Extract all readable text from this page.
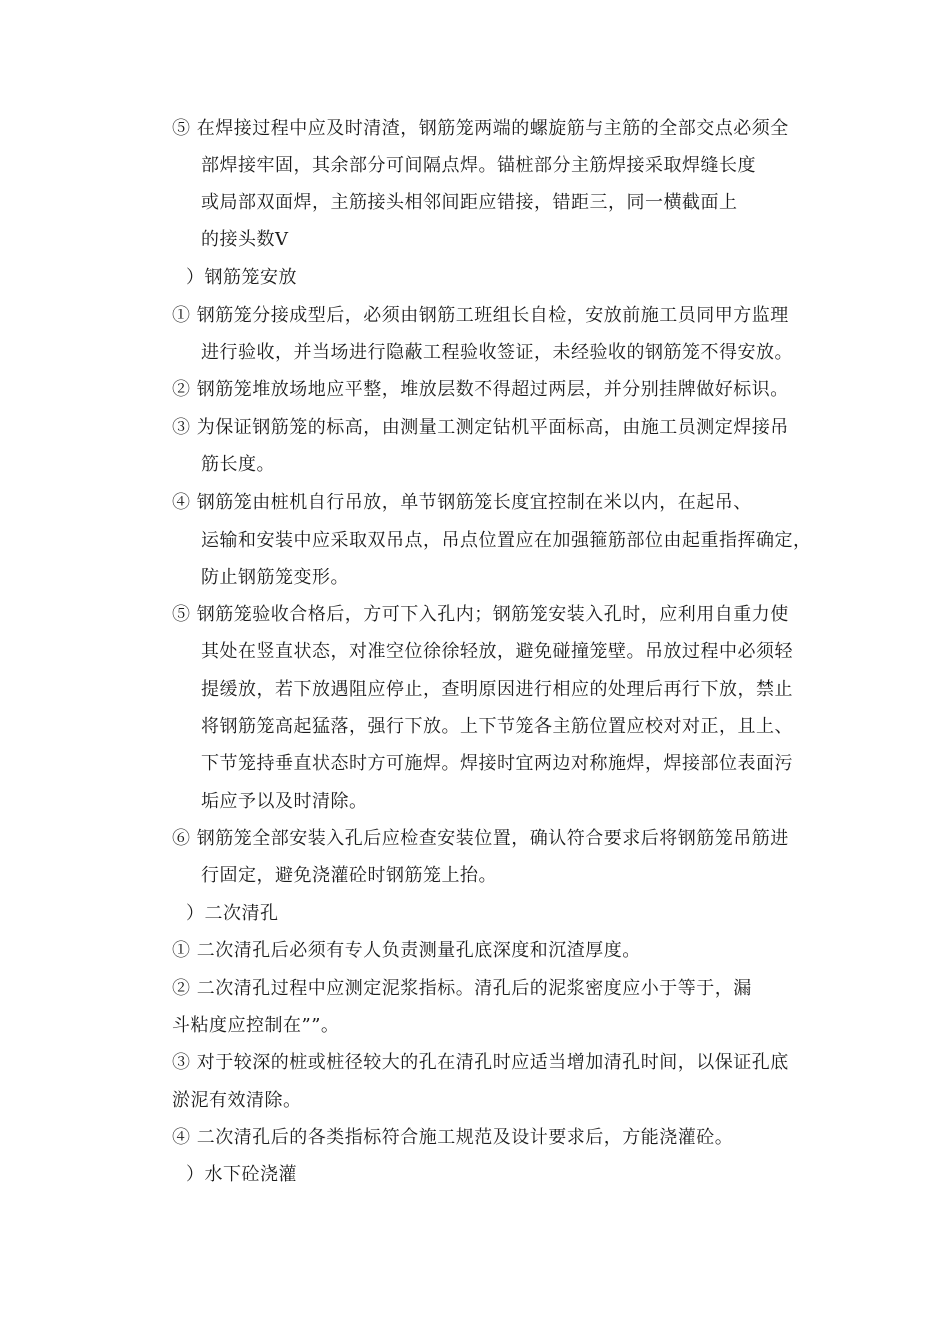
⑤ 在焊接过程中应及时清渣，钢筋笼两端的螺旋筋与主筋的全部交点必须全
部焊接牢固，其余部分可间隔点焊。锚桩部分主筋焊接采取焊缝长度
或局部双面焊，主筋接头相邻间距应错接，错距三，同一横截面上
的接头数Ⅴ
）钢筋笼安放
① 钢筋笼分接成型后，必须由钢筋工班组长自检，安放前施工员同甲方监理
进行验收，并当场进行隐蔽工程验收签证，未经验收的钢筋笼不得安放。
② 钢筋笼堆放场地应平整，堆放层数不得超过两层，并分别挂牌做好标识。
③ 为保证钢筋笼的标高，由测量工测定钻机平面标高，由施工员测定焊接吊
筋长度。
④ 钢筋笼由桩机自行吊放，单节钢筋笼长度宜控制在米以内，在起吊、
运输和安装中应采取双吊点，吊点位置应在加强箍筋部位由起重指挥确定，
防止钢筋笼变形。
⑤ 钢筋笼验收合格后，方可下入孔内；钢筋笼安装入孔时，应利用自重力使
其处在竖直状态，对准空位徐徐轻放，避免碰撞笼壁。吊放过程中必须轻
提缓放，若下放遇阻应停止，查明原因进行相应的处理后再行下放，禁止
将钢筋笼高起猛落，强行下放。上下节笼各主筋位置应校对对正，且上、
下节笼持垂直状态时方可施焊。焊接时宜两边对称施焊，焊接部位表面污
垢应予以及时清除。
⑥ 钢筋笼全部安装入孔后应检查安装位置，确认符合要求后将钢筋笼吊筋进
行固定，避免浇灌砼时钢筋笼上抬。
）二次清孔
① 二次清孔后必须有专人负责测量孔底深度和沉渣厚度。
② 二次清孔过程中应测定泥浆指标。清孔后的泥浆密度应小于等于，漏
斗粘度应控制在””。
③ 对于较深的桩或桩径较大的孔在清孔时应适当增加清孔时间，以保证孔底
淤泥有效清除。
④ 二次清孔后的各类指标符合施工规范及设计要求后，方能浇灌砼。
）水下砼浇灌
